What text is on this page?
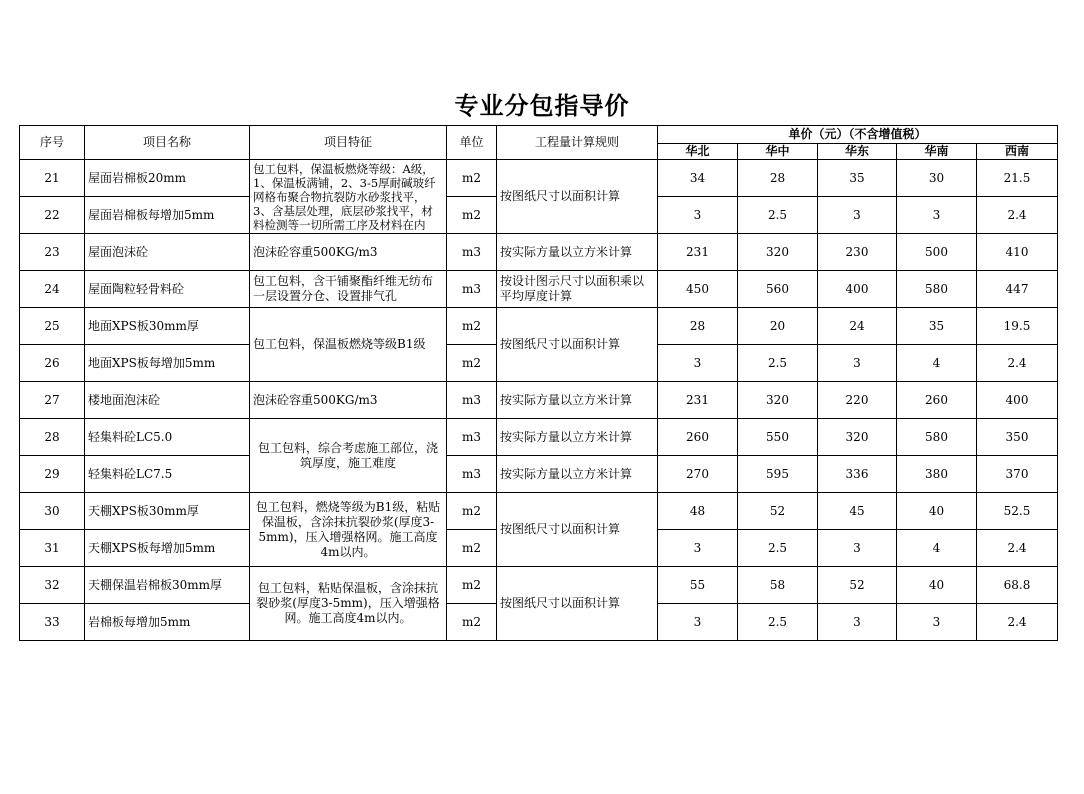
专业分包指导价
序号	项目名称	项目特征	单位	工程量计算规则	单价（元）（不含增值税）				
					华北	华中	华东	华南	西南
21	屋面岩棉板20mm	包工包料，保温板燃烧等级：A级，1、保温板满铺，2、3-5厚耐碱玻纤网格布聚合物抗裂防水砂浆找平，3、含基层处理，底层砂浆找平，材料检测等一切所需工序及材料在内	m2	按图纸尺寸以面积计算	34	28	35	30	21.5
22	屋面岩棉板每增加5mm		m2		3	2.5	3	3	2.4
23	屋面泡沫砼	泡沫砼容重500KG/m3	m3	按实际方量以立方米计算	231	320	230	500	410
24	屋面陶粒轻骨料砼	包工包料，含干铺聚酯纤维无纺布一层设置分仓、设置排气孔	m3	按设计图示尺寸以面积乘以平均厚度计算	450	560	400	580	447
25	地面XPS板30mm厚	包工包料，保温板燃烧等级B1级	m2	按图纸尺寸以面积计算	28	20	24	35	19.5
26	地面XPS板每增加5mm		m2		3	2.5	3	4	2.4
27	楼地面泡沫砼	泡沫砼容重500KG/m3	m3	按实际方量以立方米计算	231	320	220	260	400
28	轻集料砼LC5.0	包工包料，综合考虑施工部位，浇筑厚度，施工难度	m3	按实际方量以立方米计算	260	550	320	580	350
29	轻集料砼LC7.5		m3	按实际方量以立方米计算	270	595	336	380	370
30	天棚XPS板30mm厚	包工包料，燃烧等级为B1级，粘贴保温板，含涂抹抗裂砂浆(厚度3-5mm)，压入增强格网。施工高度4m以内。	m2	按图纸尺寸以面积计算	48	52	45	40	52.5
31	天棚XPS板每增加5mm		m2		3	2.5	3	4	2.4
32	天棚保温岩棉板30mm厚	包工包料，粘贴保温板，含涂抹抗裂砂浆(厚度3-5mm)，压入增强格网。施工高度4m以内。	m2	按图纸尺寸以面积计算	55	58	52	40	68.8
33	岩棉板每增加5mm		m2		3	2.5	3	3	2.4
